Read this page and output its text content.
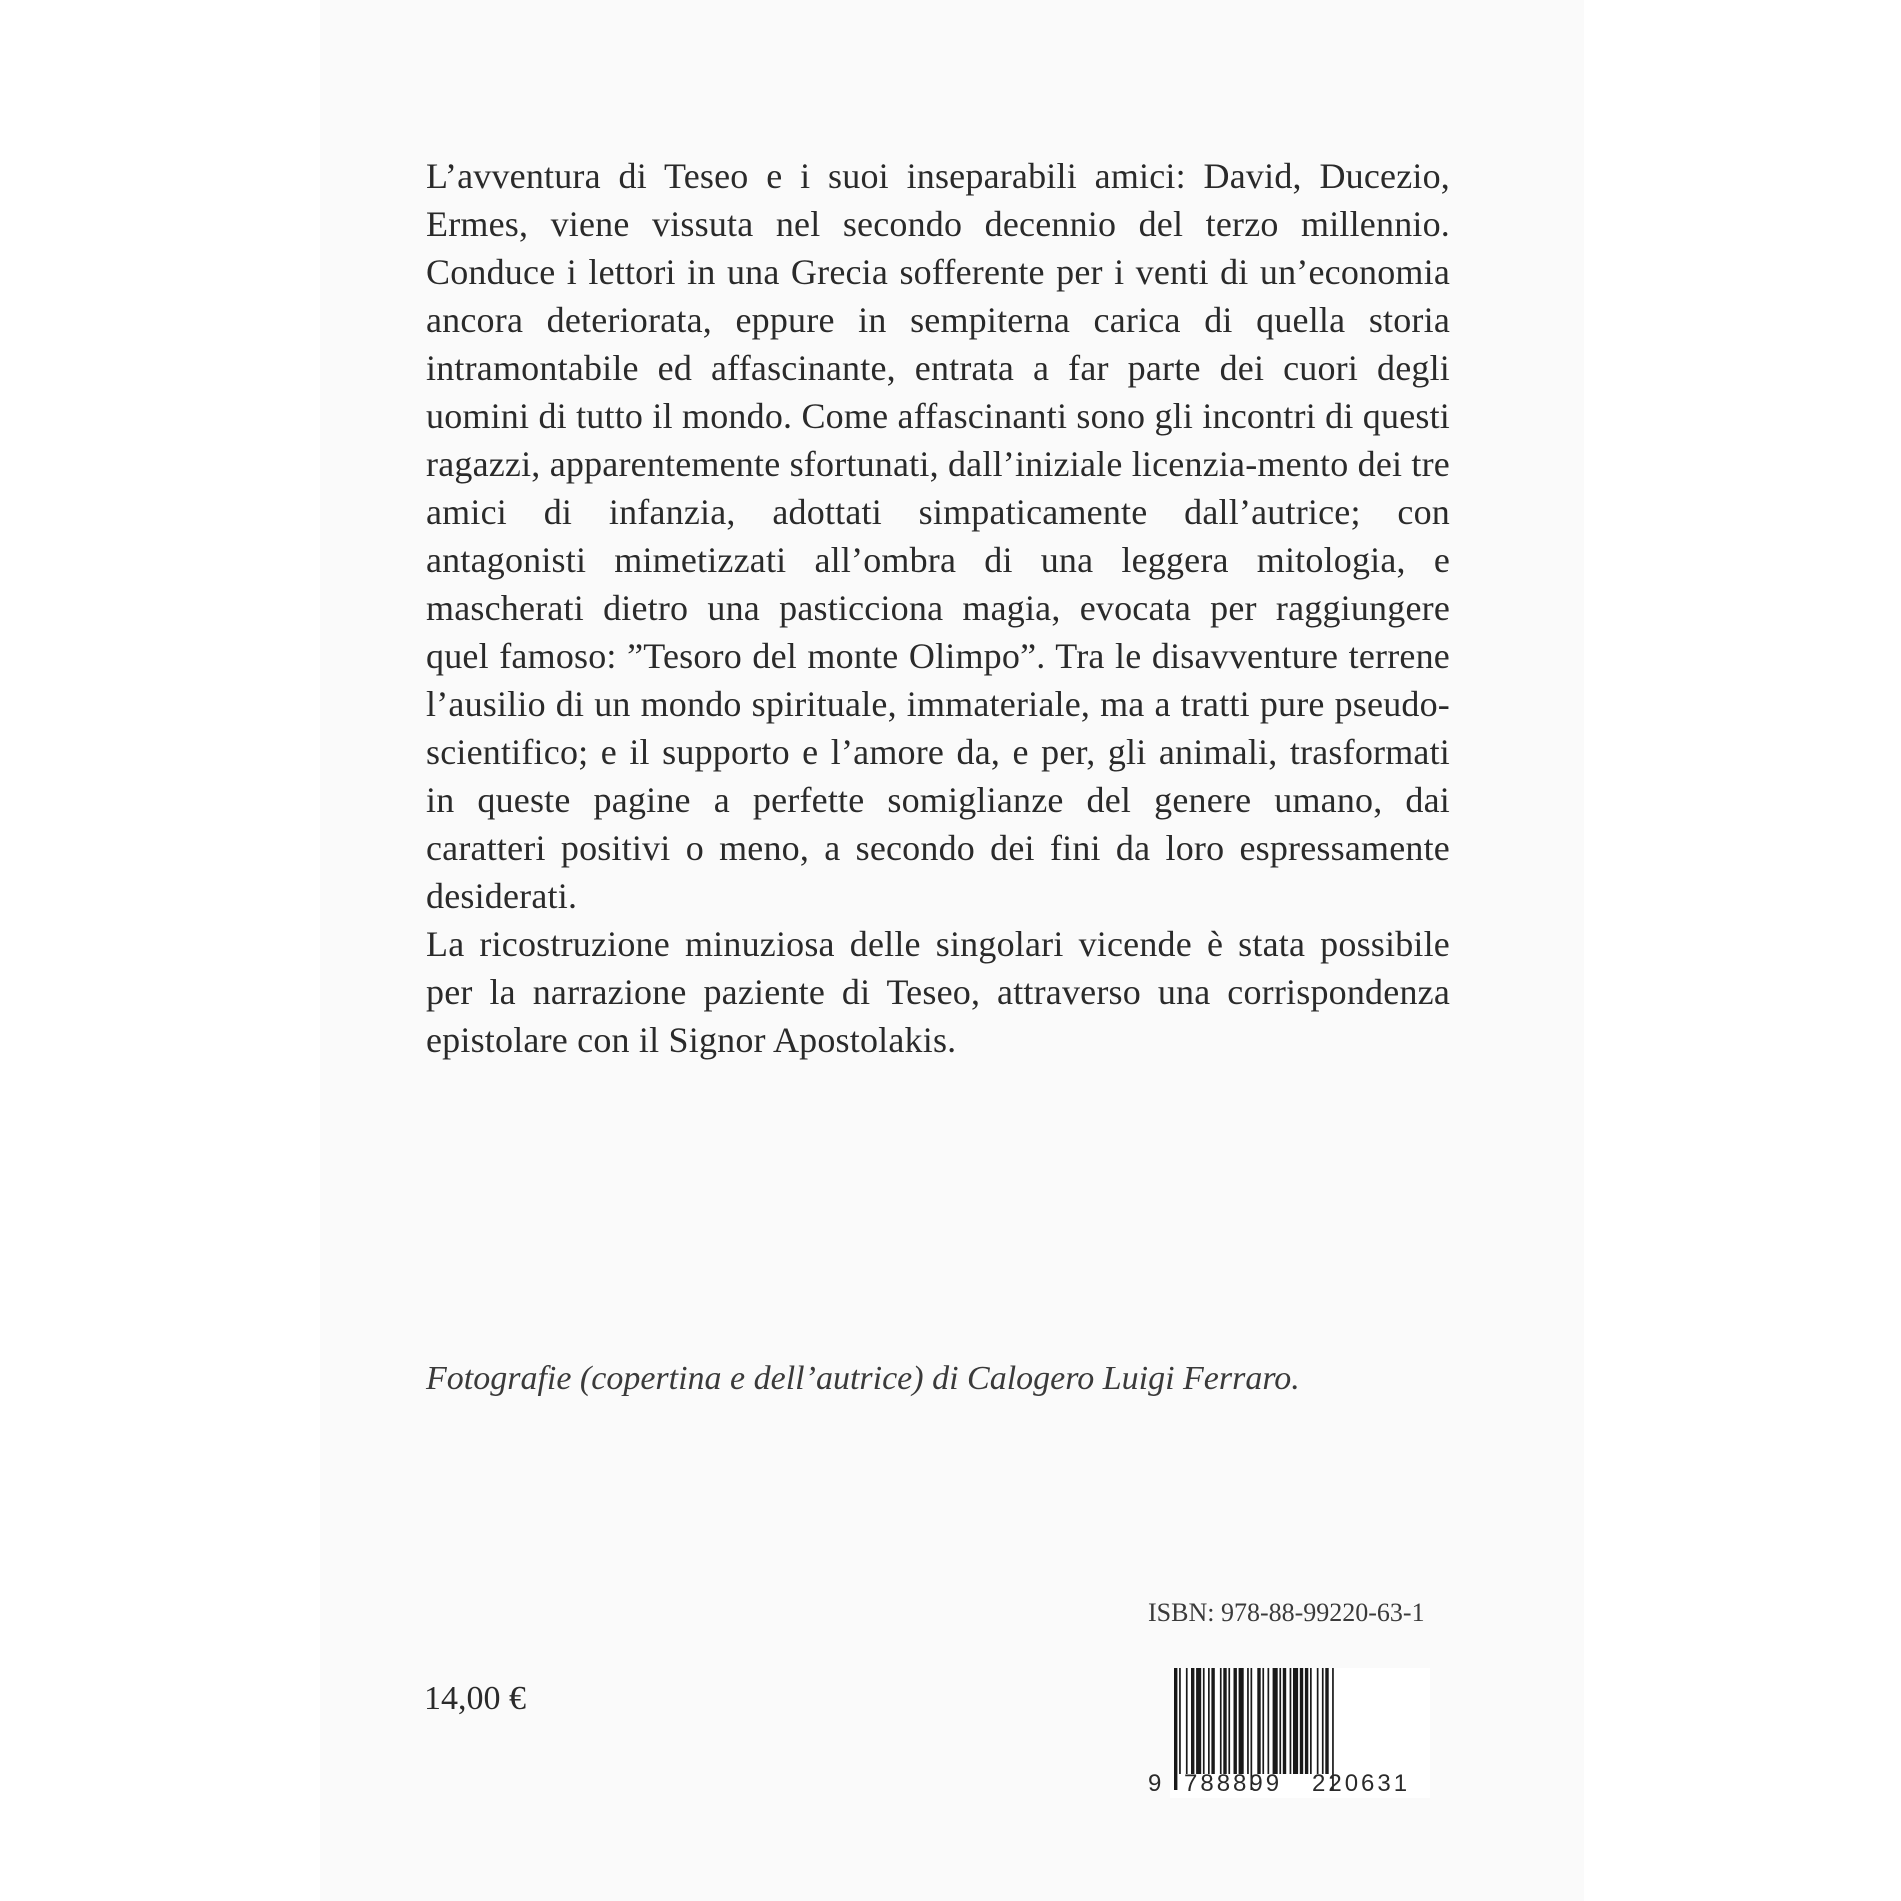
L’avventura di Teseo e i suoi inseparabili amici: David, Ducezio, Ermes, viene vissuta nel secondo decennio del terzo millennio. Conduce i lettori in una Grecia sofferente per i venti di un’economia ancora deteriorata, eppure in sempiterna carica di quella storia intramontabile ed affascinante, entrata a far parte dei cuori degli uomini di tutto il mondo. Come affascinanti sono gli incontri di questi ragazzi, apparentemente sfortunati, dall’iniziale licenzia-mento dei tre amici di infanzia, adottati simpaticamente dall’autrice; con antagonisti mimetizzati all’ombra di una leggera mitologia, e mascherati dietro una pasticciona magia, evocata per raggiungere quel famoso: ”Tesoro del monte Olimpo”. Tra le disavventure terrene l’ausilio di un mondo spirituale, immateriale, ma a tratti pure pseudo-scientifico; e il supporto e l’amore da, e per, gli animali, trasformati in queste pagine a perfette somiglianze del genere umano, dai caratteri positivi o meno, a secondo dei fini da loro espressamente desiderati.

La ricostruzione minuziosa delle singolari vicende è stata possibile per la narrazione paziente di Teseo, attraverso una corrispondenza epistolare con il Signor Apostolakis.

Fotografie (copertina e dell’autrice) di Calogero Luigi Ferraro.
ISBN: 978-88-99220-63-1
14,00 €
9 788899 220631
